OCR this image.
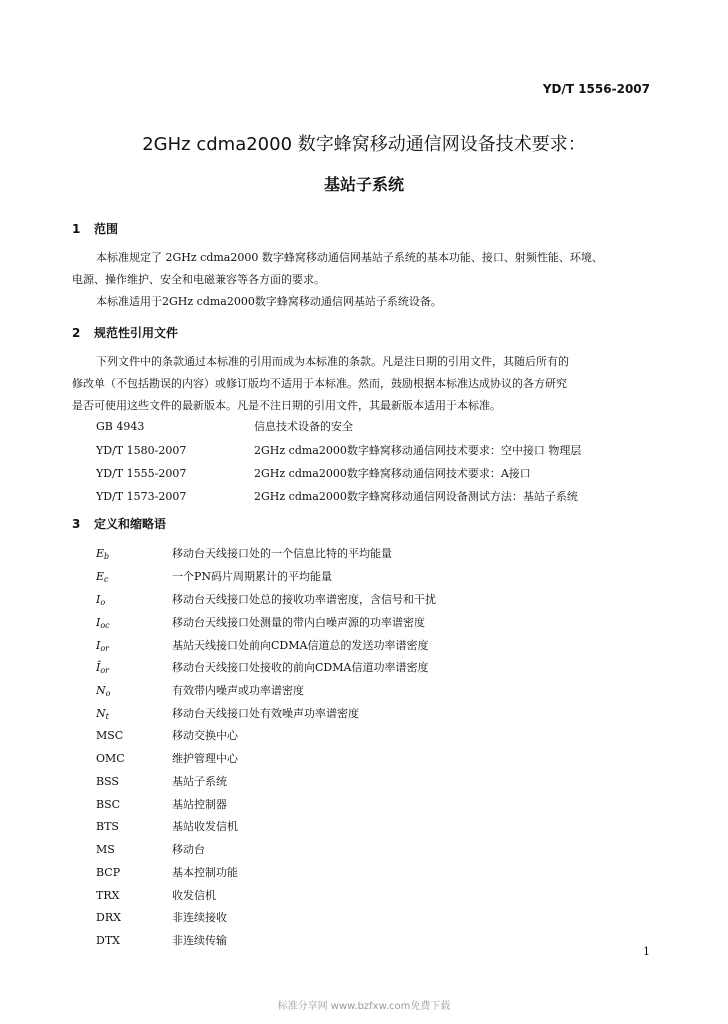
YD/T 1556-2007
2GHz cdma2000 数字蜂窝移动通信网设备技术要求：
基站子系统
1 范围

本标准规定了 2GHz cdma2000 数字蜂窝移动通信网基站子系统的基本功能、接口、射频性能、环境、

电源、操作维护、安全和电磁兼容等各方面的要求。

本标准适用于2GHz cdma2000数字蜂窝移动通信网基站子系统设备。

2 规范性引用文件

下列文件中的条款通过本标准的引用而成为本标准的条款。凡是注日期的引用文件，其随后所有的

修改单（不包括勘误的内容）或修订版均不适用于本标准。然而，鼓励根据本标准达成协议的各方研究

是否可使用这些文件的最新版本。凡是不注日期的引用文件，其最新版本适用于本标准。

GB 4943	信息技术设备的安全
YD/T 1580-2007	2GHz cdma2000数字蜂窝移动通信网技术要求：空中接口 物理层
YD/T 1555-2007	2GHz cdma2000数字蜂窝移动通信网技术要求：A接口
YD/T 1573-2007	2GHz cdma2000数字蜂窝移动通信网设备测试方法：基站子系统
3 定义和缩略语
$E_b$	移动台天线接口处的一个信息比特的平均能量
$E_c$	一个PN码片周期累计的平均能量
$I_o$	移动台天线接口处总的接收功率谱密度，含信号和干扰
$I_{oc}$	移动台天线接口处测量的带内白噪声源的功率谱密度
$I_{or}$	基站天线接口处前向CDMA信道总的发送功率谱密度
$Î_{or}$	移动台天线接口处接收的前向CDMA信道功率谱密度
$N_o$	有效带内噪声或功率谱密度
$N_t$	移动台天线接口处有效噪声功率谱密度
MSC	移动交换中心
OMC	维护管理中心
BSS	基站子系统
BSC	基站控制器
BTS	基站收发信机
MS	移动台
BCP	基本控制功能
TRX	收发信机
DRX	非连续接收
DTX	非连续传输
1
标准分享网 www.bzfxw.com免费下载
